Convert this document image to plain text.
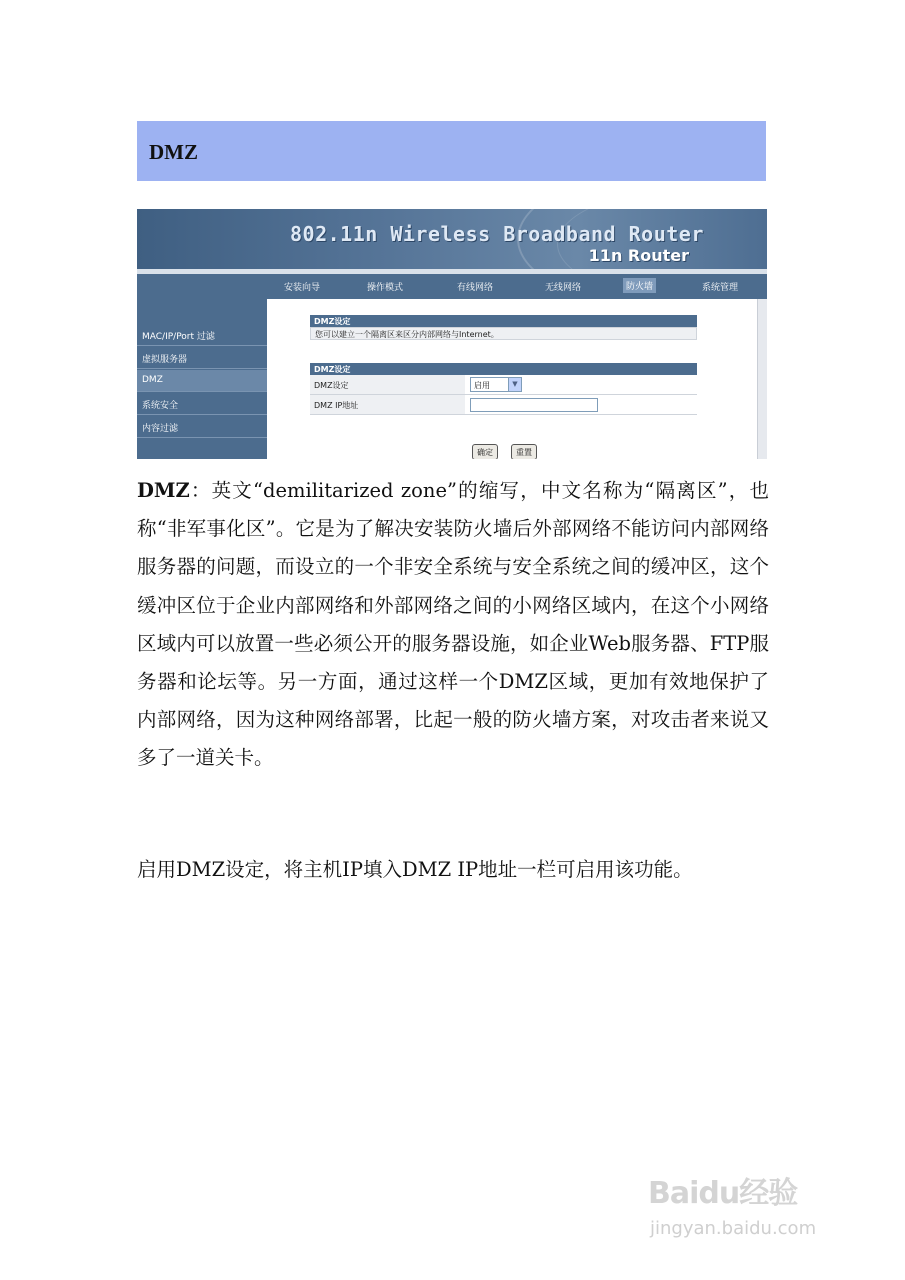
DMZ
802.11n Wireless Broadband Router
11n Router
安装向导	操作模式	有线网络	无线网络	防火墙	系统管理
MAC/IP/Port 过滤
虚拟服务器
DMZ
系统安全
内容过滤
DMZ设定
您可以建立一个隔离区来区分内部网络与Internet。
DMZ设定
DMZ设定	启用	▼
DMZ IP地址
确定	重置

DMZ：英文“demilitarized zone”的缩写，中文名称为“隔离区”，也称“非军事化区”。它是为了解决安装防火墙后外部网络不能访问内部网络服务器的问题，而设立的一个非安全系统与安全系统之间的缓冲区，这个缓冲区位于企业内部网络和外部网络之间的小网络区域内，在这个小网络区域内可以放置一些必须公开的服务器设施，如企业Web服务器、FTP服务器和论坛等。另一方面，通过这样一个DMZ区域，更加有效地保护了内部网络，因为这种网络部署，比起一般的防火墙方案，对攻击者来说又多了一道关卡。

启用DMZ设定，将主机IP填入DMZ IP地址一栏可启用该功能。

Baidu经验
jingyan.baidu.com
